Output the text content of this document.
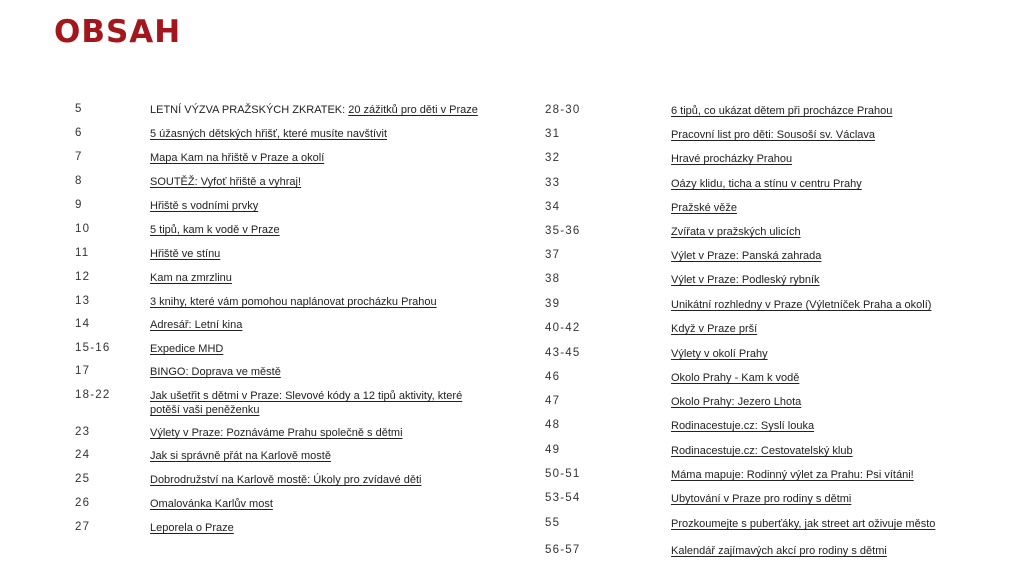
OBSAH
5	LETNÍ VÝZVA PRAŽSKÝCH ZKRATEK: 20 zážitků pro děti v Praze
6	5 úžasných dětských hřišť, které musíte navštívit
7	Mapa Kam na hřiště v Praze a okolí
8	SOUTĚŽ: Vyfoť hřiště a vyhraj!
9	Hřiště s vodními prvky
10	5 tipů, kam k vodě v Praze
11	Hřiště ve stínu
12	Kam na zmrzlinu
13	3 knihy, které vám pomohou naplánovat procházku Prahou
14	Adresář: Letní kina
15-16	Expedice MHD
17	BINGO: Doprava ve městě
18-22	Jak ušetřit s dětmi v Praze: Slevové kódy a 12 tipů aktivity, které
potěší vaši peněženku
23	Výlety v Praze: Poznáváme Prahu společně s dětmi
24	Jak si správně přát na Karlově mostě
25	Dobrodružství na Karlově mostě: Úkoly pro zvídavé děti
26	Omalovánka Karlův most
27	Leporela o Praze
28-30	6 tipů, co ukázat dětem při procházce Prahou
31	Pracovní list pro děti: Sousoší sv. Václava
32	Hravé procházky Prahou
33	Oázy klidu, ticha a stínu v centru Prahy
34	Pražské věže
35-36	Zvířata v pražských ulicích
37	Výlet v Praze: Panská zahrada
38	Výlet v Praze: Podleský rybník
39	Unikátní rozhledny v Praze (Výletníček Praha a okolí)
40-42	Když v Praze prší
43-45	Výlety v okolí Prahy
46	Okolo Prahy - Kam k vodě
47	Okolo Prahy: Jezero Lhota
48	Rodinacestuje.cz: Syslí louka
49	Rodinacestuje.cz: Cestovatelský klub
50-51	Máma mapuje: Rodinný výlet za Prahu: Psi vítáni!
53-54	Ubytování v Praze pro rodiny s dětmi
55	Prozkoumejte s puberťáky, jak street art oživuje město
56-57	Kalendář zajímavých akcí pro rodiny s dětmi
